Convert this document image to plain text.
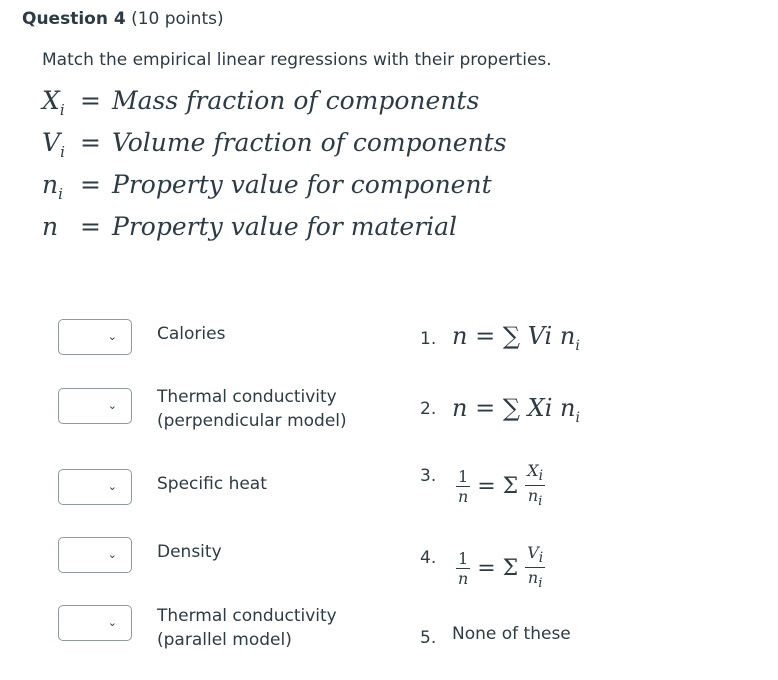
Question 4 (10 points)
Match the empirical linear regressions with their properties.
$X_i$ = Mass fraction of components
$V_i$ = Volume fraction of components
$n_i$ = Property value for component
n = Property value for material
⌄
⌄
⌄
⌄
⌄
Calories
Thermal conductivity
(perpendicular model)
Specific heat
Density
Thermal conductivity
(parallel model)
1. n = ∑ Vi $n_i$
2. n = ∑ Xi $n_i$
3. $\frac{1}{n} = \Sigma \frac{X_i}{n_i}$
4. $\frac{1}{n} = \Sigma \frac{V_i}{n_i}$
5. None of these
